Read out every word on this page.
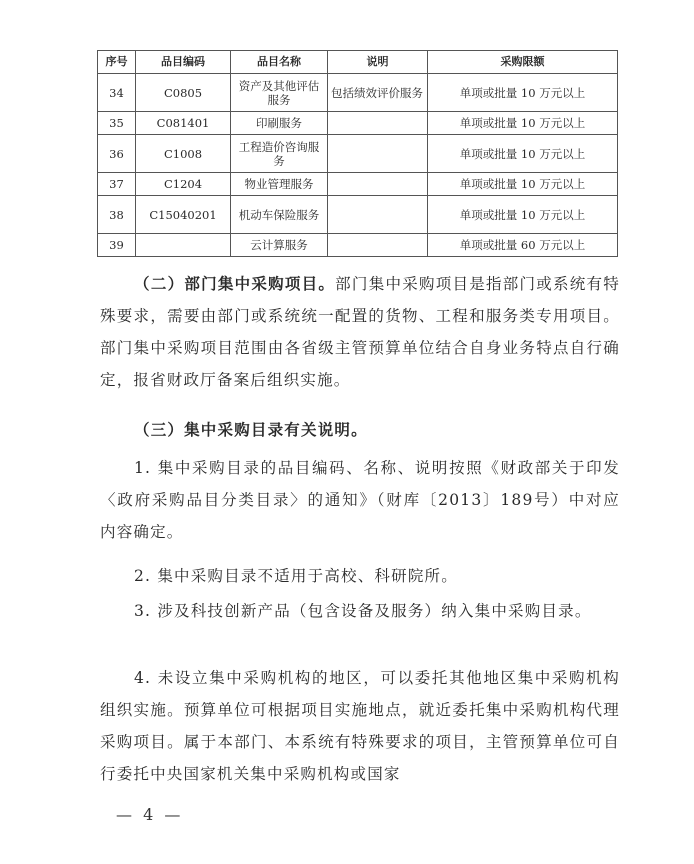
序号	品目编码	品目名称	说明	采购限额
34	C0805	资产及其他评估服务	包括绩效评价服务	单项或批量 10 万元以上
35	C081401	印刷服务		单项或批量 10 万元以上
36	C1008	工程造价咨询服务		单项或批量 10 万元以上
37	C1204	物业管理服务		单项或批量 10 万元以上
38	C15040201	机动车保险服务		单项或批量 10 万元以上
39		云计算服务		单项或批量 60 万元以上

（二）部门集中采购项目。部门集中采购项目是指部门或系统有特殊要求，需要由部门或系统统一配置的货物、工程和服务类专用项目。部门集中采购项目范围由各省级主管预算单位结合自身业务特点自行确定，报省财政厅备案后组织实施。

（三）集中采购目录有关说明。

1. 集中采购目录的品目编码、名称、说明按照《财政部关于印发〈政府采购品目分类目录〉的通知》（财库〔2013〕189号）中对应内容确定。

2. 集中采购目录不适用于高校、科研院所。

3. 涉及科技创新产品（包含设备及服务）纳入集中采购目录。

4. 未设立集中采购机构的地区，可以委托其他地区集中采购机构组织实施。预算单位可根据项目实施地点，就近委托集中采购机构代理采购项目。属于本部门、本系统有特殊要求的项目，主管预算单位可自行委托中央国家机关集中采购机构或国家

— 4 —
